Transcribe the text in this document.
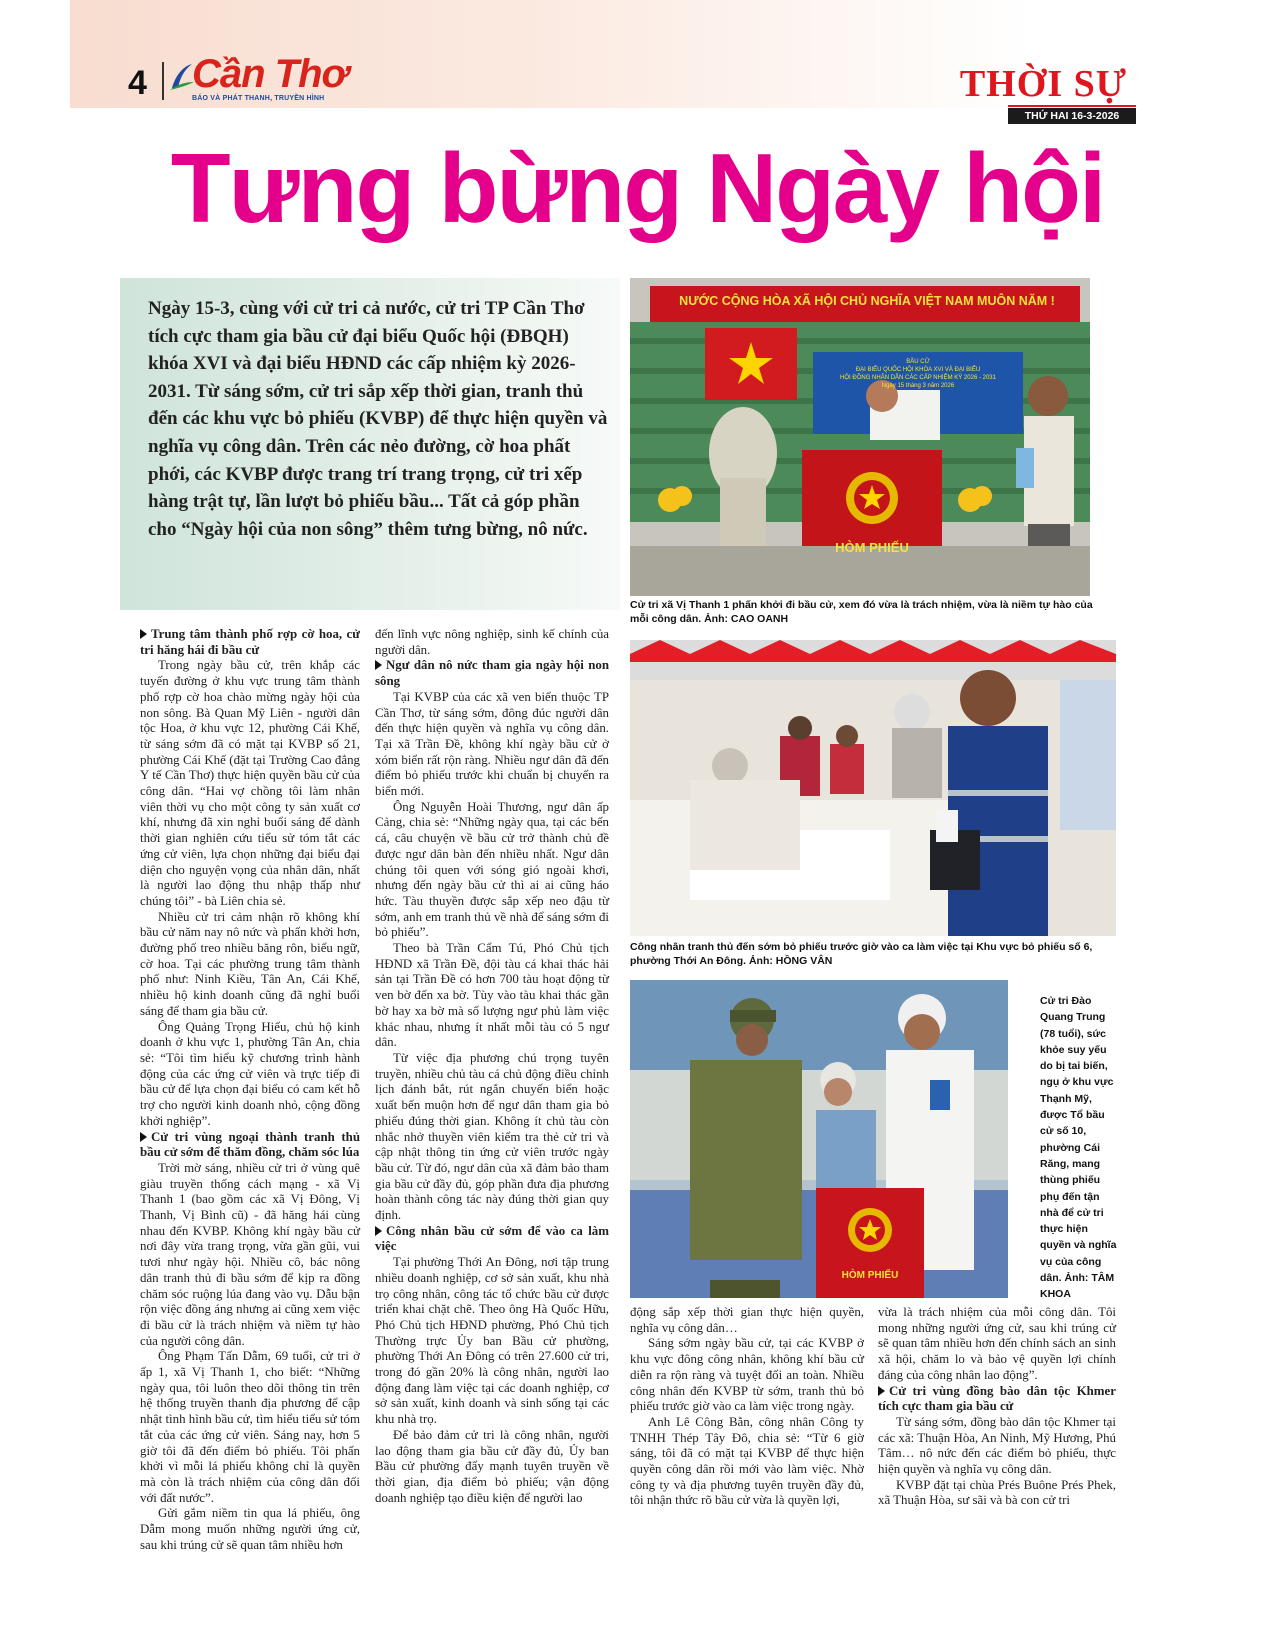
4 Cần Thơ
BÁO VÀ PHÁT THANH, TRUYỀN HÌNH	THỜI SỰ
THỨ HAI 16-3-2026
Tưng bừng Ngày hội
Ngày 15-3, cùng với cử tri cả nước, cử tri TP Cần Thơ tích cực tham gia bầu cử đại biểu Quốc hội (ĐBQH) khóa XVI và đại biểu HĐND các cấp nhiệm kỳ 2026-2031. Từ sáng sớm, cử tri sắp xếp thời gian, tranh thủ đến các khu vực bỏ phiếu (KVBP) để thực hiện quyền và nghĩa vụ công dân. Trên các nẻo đường, cờ hoa phất phới, các KVBP được trang trí trang trọng, cử tri xếp hàng trật tự, lần lượt bỏ phiếu bầu... Tất cả góp phần cho “Ngày hội của non sông” thêm tưng bừng, nô nức.
NƯỚC CỘNG HÒA XÃ HỘI CHỦ NGHĨA VIỆT NAM MUÔN NĂM !
BẦU CỬ
ĐẠI BIỂU QUỐC HỘI KHÓA XVI VÀ ĐẠI BIỂU
HỘI ĐỒNG NHÂN DÂN CÁC CẤP NHIỆM KỲ 2026 - 2031
Ngày 15 tháng 3 năm 2026
HÒM PHIẾU
Cử tri xã Vị Thanh 1 phấn khởi đi bầu cử, xem đó vừa là trách nhiệm, vừa là niềm tự hào của mỗi công dân. Ảnh: CAO OANH
Công nhân tranh thủ đến sớm bỏ phiếu trước giờ vào ca làm việc tại Khu vực bỏ phiếu số 6, phường Thới An Đông. Ảnh: HỒNG VÂN
HÒM PHIẾU
Cử tri Đào Quang Trung (78 tuổi), sức khỏe suy yếu do bị tai biến, ngụ ở khu vực Thạnh Mỹ, được Tổ bầu cử số 10, phường Cái Răng, mang thùng phiếu phụ đến tận nhà để cử tri thực hiện quyền và nghĩa vụ của công dân. Ảnh: TÂM KHOA

Trung tâm thành phố rợp cờ hoa, cử tri hăng hái đi bầu cử

Trong ngày bầu cử, trên khắp các tuyến đường ở khu vực trung tâm thành phố rợp cờ hoa chào mừng ngày hội của non sông. Bà Quan Mỹ Liên - người dân tộc Hoa, ở khu vực 12, phường Cái Khế, từ sáng sớm đã có mặt tại KVBP số 21, phường Cái Khế (đặt tại Trường Cao đẳng Y tế Cần Thơ) thực hiện quyền bầu cử của công dân. “Hai vợ chồng tôi làm nhân viên thời vụ cho một công ty sản xuất cơ khí, nhưng đã xin nghỉ buổi sáng để dành thời gian nghiên cứu tiểu sử tóm tắt các ứng cử viên, lựa chọn những đại biểu đại diện cho nguyện vọng của nhân dân, nhất là người lao động thu nhập thấp như chúng tôi” - bà Liên chia sẻ.

Nhiều cử tri cảm nhận rõ không khí bầu cử năm nay nô nức và phấn khởi hơn, đường phố treo nhiều băng rôn, biểu ngữ, cờ hoa. Tại các phường trung tâm thành phố như: Ninh Kiều, Tân An, Cái Khế, nhiều hộ kinh doanh cũng đã nghỉ buổi sáng để tham gia bầu cử.

Ông Quảng Trọng Hiếu, chủ hộ kinh doanh ở khu vực 1, phường Tân An, chia sẻ: “Tôi tìm hiểu kỹ chương trình hành động của các ứng cử viên và trực tiếp đi bầu cử để lựa chọn đại biểu có cam kết hỗ trợ cho người kinh doanh nhỏ, cộng đồng khởi nghiệp”.

Cử tri vùng ngoại thành tranh thủ bầu cử sớm để thăm đồng, chăm sóc lúa

Trời mờ sáng, nhiều cử tri ở vùng quê giàu truyền thống cách mạng - xã Vị Thanh 1 (bao gồm các xã Vị Đông, Vị Thanh, Vị Bình cũ) - đã hăng hái cùng nhau đến KVBP. Không khí ngày bầu cử nơi đây vừa trang trọng, vừa gần gũi, vui tươi như ngày hội. Nhiều cô, bác nông dân tranh thủ đi bầu sớm để kịp ra đồng chăm sóc ruộng lúa đang vào vụ. Dẫu bận rộn việc đồng áng nhưng ai cũng xem việc đi bầu cử là trách nhiệm và niềm tự hào của người công dân.

Ông Phạm Tấn Dẫm, 69 tuổi, cử tri ở ấp 1, xã Vị Thanh 1, cho biết: “Những ngày qua, tôi luôn theo dõi thông tin trên hệ thống truyền thanh địa phương để cập nhật tình hình bầu cử, tìm hiểu tiểu sử tóm tắt của các ứng cử viên. Sáng nay, hơn 5 giờ tôi đã đến điểm bỏ phiếu. Tôi phấn khởi vì mỗi lá phiếu không chỉ là quyền mà còn là trách nhiệm của công dân đối với đất nước”.

Gửi gắm niềm tin qua lá phiếu, ông Dẫm mong muốn những người ứng cử, sau khi trúng cử sẽ quan tâm nhiều hơn

đến lĩnh vực nông nghiệp, sinh kế chính của người dân.

Ngư dân nô nức tham gia ngày hội non sông

Tại KVBP của các xã ven biển thuộc TP Cần Thơ, từ sáng sớm, đông đúc người dân đến thực hiện quyền và nghĩa vụ công dân. Tại xã Trần Đề, không khí ngày bầu cử ở xóm biển rất rộn ràng. Nhiều ngư dân đã đến điểm bỏ phiếu trước khi chuẩn bị chuyến ra biển mới.

Ông Nguyễn Hoài Thương, ngư dân ấp Cảng, chia sẻ: “Những ngày qua, tại các bến cá, câu chuyện về bầu cử trở thành chủ đề được ngư dân bàn đến nhiều nhất. Ngư dân chúng tôi quen với sóng gió ngoài khơi, nhưng đến ngày bầu cử thì ai ai cũng háo hức. Tàu thuyền được sắp xếp neo đậu từ sớm, anh em tranh thủ về nhà để sáng sớm đi bỏ phiếu”.

Theo bà Trần Cẩm Tú, Phó Chủ tịch HĐND xã Trần Đề, đội tàu cá khai thác hải sản tại Trần Đề có hơn 700 tàu hoạt động từ ven bờ đến xa bờ. Tùy vào tàu khai thác gần bờ hay xa bờ mà số lượng ngư phủ làm việc khác nhau, nhưng ít nhất mỗi tàu có 5 ngư dân.

Từ việc địa phương chú trọng tuyên truyền, nhiều chủ tàu cá chủ động điều chỉnh lịch đánh bắt, rút ngắn chuyến biển hoặc xuất bến muộn hơn để ngư dân tham gia bỏ phiếu đúng thời gian. Không ít chủ tàu còn nhắc nhở thuyền viên kiểm tra thẻ cử tri và cập nhật thông tin ứng cử viên trước ngày bầu cử. Từ đó, ngư dân của xã đảm bảo tham gia bầu cử đầy đủ, góp phần đưa địa phương hoàn thành công tác này đúng thời gian quy định.

Công nhân bầu cử sớm để vào ca làm việc

Tại phường Thới An Đông, nơi tập trung nhiều doanh nghiệp, cơ sở sản xuất, khu nhà trọ công nhân, công tác tổ chức bầu cử được triển khai chặt chẽ. Theo ông Hà Quốc Hữu, Phó Chủ tịch HĐND phường, Phó Chủ tịch Thường trực Ủy ban Bầu cử phường, phường Thới An Đông có trên 27.600 cử tri, trong đó gần 20% là công nhân, người lao động đang làm việc tại các doanh nghiệp, cơ sở sản xuất, kinh doanh và sinh sống tại các khu nhà trọ.

Để bảo đảm cử tri là công nhân, người lao động tham gia bầu cử đầy đủ, Ủy ban Bầu cử phường đẩy mạnh tuyên truyền về thời gian, địa điểm bỏ phiếu; vận động doanh nghiệp tạo điều kiện để người lao

động sắp xếp thời gian thực hiện quyền, nghĩa vụ công dân…

Sáng sớm ngày bầu cử, tại các KVBP ở khu vực đông công nhân, không khí bầu cử diễn ra rộn ràng và tuyệt đối an toàn. Nhiều công nhân đến KVBP từ sớm, tranh thủ bỏ phiếu trước giờ vào ca làm việc trong ngày.

Anh Lê Công Bằn, công nhân Công ty TNHH Thép Tây Đô, chia sẻ: “Từ 6 giờ sáng, tôi đã có mặt tại KVBP để thực hiện quyền công dân rồi mới vào làm việc. Nhờ công ty và địa phương tuyên truyền đầy đủ, tôi nhận thức rõ bầu cử vừa là quyền lợi,

vừa là trách nhiệm của mỗi công dân. Tôi mong những người ứng cử, sau khi trúng cử sẽ quan tâm nhiều hơn đến chính sách an sinh xã hội, chăm lo và bảo vệ quyền lợi chính đáng của công nhân lao động”.

Cử tri vùng đồng bào dân tộc Khmer tích cực tham gia bầu cử

Từ sáng sớm, đồng bào dân tộc Khmer tại các xã: Thuận Hòa, An Ninh, Mỹ Hương, Phú Tâm… nô nức đến các điểm bỏ phiếu, thực hiện quyền và nghĩa vụ công dân.

KVBP đặt tại chùa Prés Buône Prés Phek, xã Thuận Hòa, sư sãi và bà con cử tri
